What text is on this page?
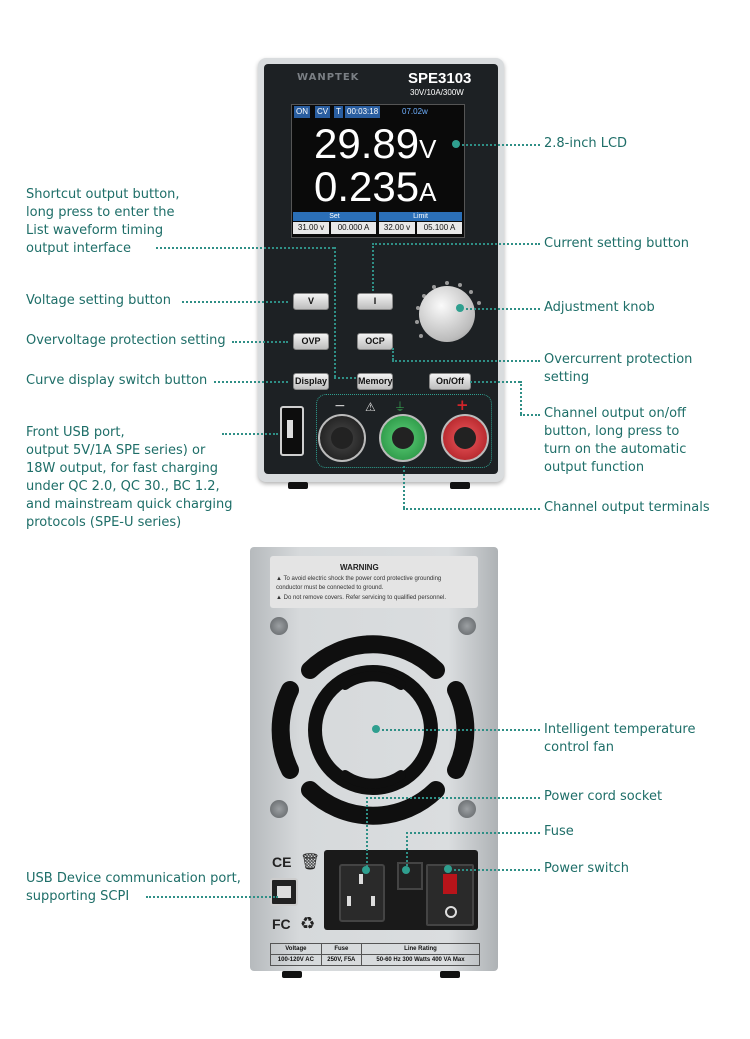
WANPTEK	SPE3103
30V/10A/300W
ON CV T 00:03:18	07.02w
29.89V
0.235A
Set	Limit
31.00 v	00.000 A	32.00 v	05.100 A
V	I
OVP	OCP
Display	Memory	On/Off
− ⚠ ⏚	+
WARNING
▲ To avoid electric shock the power cord protective grounding
conductor must be connected to ground.
▲ Do not remove covers. Refer servicing to qualified personnel.
CE 🗑
FC ♻
Voltage	Fuse	Line Rating
100-120V AC	250V, F5A	50-60 Hz 300 Watts 400 VA Max
Shortcut output button,
long press to enter the
List waveform timing
output interface
Voltage setting button
Overvoltage protection setting
Curve display switch button
Front USB port,
output 5V/1A SPE series) or
18W output, for fast charging
under QC 2.0, QC 30., BC 1.2,
and mainstream quick charging
protocols (SPE-U series)
2.8-inch LCD
Current setting button
Adjustment knob
Overcurrent protection
setting
Channel output on/off
button, long press to
turn on the automatic
output function
Channel output terminals
Intelligent temperature
control fan
Power cord socket
Fuse
Power switch
USB Device communication port,
supporting SCPI
